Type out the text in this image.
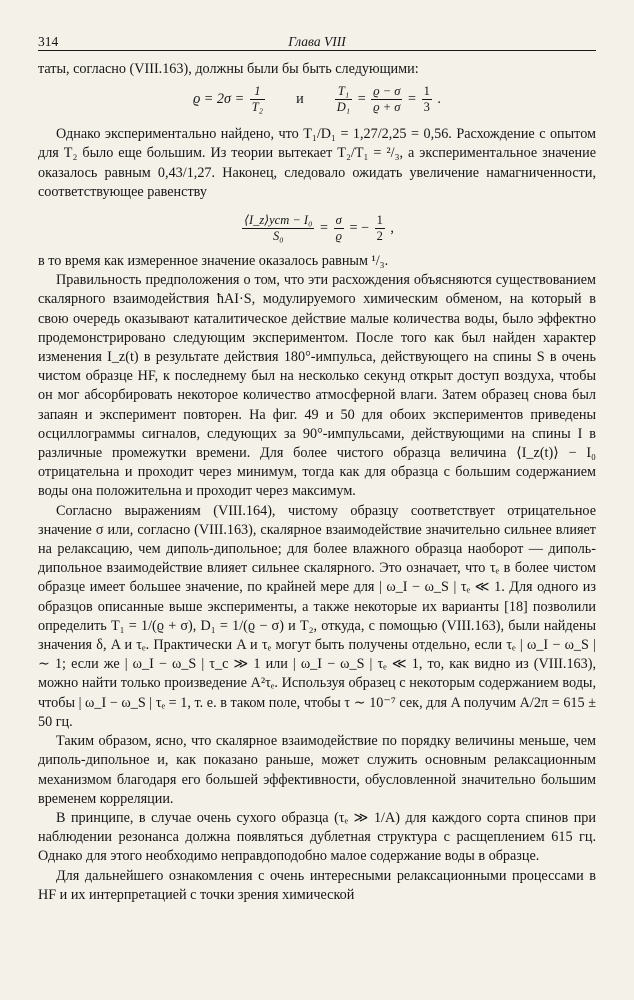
314	Глава VIII

таты, согласно (VIII.163), должны были бы быть следующими:

$ϱ = 2\sigma = \frac{1}{\text{T₂}}$ и $\frac{\text{T₁}}{\text{D₁}} = \frac{ϱ - \sigma}{ϱ + \sigma} = \frac{1}{3}$ .

Однако экспериментально найдено, что T₁/D₁ = 1,27/2,25 = 0,56. Расхождение с опытом для T₂ было еще большим. Из теории вытекает T₂/T₁ = ²/₃, а экспериментальное значение оказалось равным 0,43/1,27. Наконец, следовало ожидать увеличение намагниченности, соответствующее равенству

$\frac{\text{⟨I\_z⟩уст − I₀}}{\text{S₀}} = \frac{\sigma}{ϱ}$ = − $\frac{1}{2}$ ,

в то время как измеренное значение оказалось равным ¹/₃.

Правильность предположения о том, что эти расхождения объясняются существованием скалярного взаимодействия ħAI·S, модулируемого химическим обменом, на который в свою очередь оказывают каталитическое действие малые количества воды, было эффектно продемонстрировано следующим экспериментом. После того как был найден характер изменения I_z(t) в результате действия 180°-импульса, действующего на спины S в очень чистом образце HF, к последнему был на несколько секунд открыт доступ воздуха, чтобы он мог абсорбировать некоторое количество атмосферной влаги. Затем образец снова был запаян и эксперимент повторен. На фиг. 49 и 50 для обоих экспериментов приведены осциллограммы сигналов, следующих за 90°-импульсами, действующими на спины I в различные промежутки времени. Для более чистого образца величина ⟨I_z(t)⟩ − I₀ отрицательна и проходит через минимум, тогда как для образца с большим содержанием воды она положительна и проходит через максимум.

Согласно выражениям (VIII.164), чистому образцу соответствует отрицательное значение σ или, согласно (VIII.163), скалярное взаимодействие значительно сильнее влияет на релаксацию, чем диполь-дипольное; для более влажного образца наоборот — диполь-дипольное взаимодействие влияет сильнее скалярного. Это означает, что τₑ в более чистом образце имеет большее значение, по крайней мере для | ω_I − ω_S | τₑ ≪ 1. Для одного из образцов описанные выше эксперименты, а также некоторые их варианты [18] позволили определить T₁ = 1/(ϱ + σ), D₁ = 1/(ϱ − σ) и T₂, откуда, с помощью (VIII.163), были найдены значения δ, A и τₑ. Практически A и τₑ могут быть получены отдельно, если τₑ | ω_I − ω_S | ∼ 1; если же | ω_I − ω_S | τ_c ≫ 1 или | ω_I − ω_S | τₑ ≪ 1, то, как видно из (VIII.163), можно найти только произведение A²τₑ. Используя образец с некоторым содержанием воды, чтобы | ω_I − ω_S | τₑ = 1, т. е. в таком поле, чтобы τ ∼ 10⁻⁷ сек, для A получим A/2π = 615 ± 50 гц.

Таким образом, ясно, что скалярное взаимодействие по порядку величины меньше, чем диполь-дипольное и, как показано раньше, может служить основным релаксационным механизмом благодаря его большей эффективности, обусловленной значительно большим временем корреляции.

В принципе, в случае очень сухого образца (τₑ ≫ 1/A) для каждого сорта спинов при наблюдении резонанса должна появляться дублетная структура с расщеплением 615 гц. Однако для этого необходимо неправдоподобно малое содержание воды в образце.

Для дальнейшего ознакомления с очень интересными релаксационными процессами в HF и их интерпретацией с точки зрения химической
